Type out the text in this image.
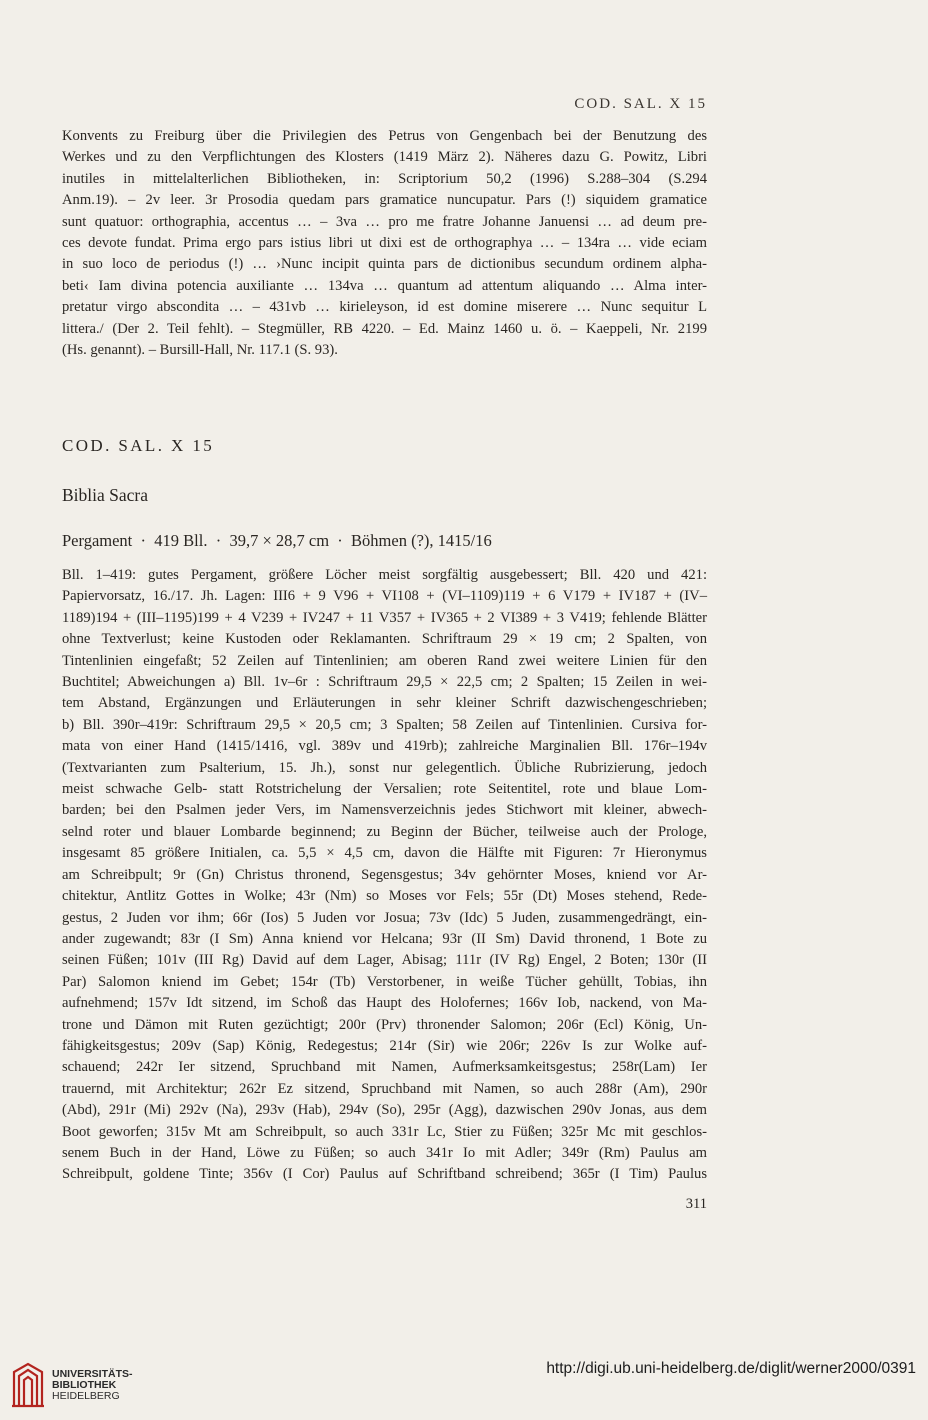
COD. SAL. X 15
Konvents zu Freiburg über die Privilegien des Petrus von Gengenbach bei der Benutzung des
Werkes und zu den Verpflichtungen des Klosters (1419 März 2). Näheres dazu G. Powitz, Libri
inutiles in mittelalterlichen Bibliotheken, in: Scriptorium 50,2 (1996) S.288–304 (S.294
Anm.19). – 2v leer. 3r Prosodia quedam pars gramatice nuncupatur. Pars (!) siquidem gramatice
sunt quatuor: orthographia, accentus … – 3va … pro me fratre Johanne Januensi … ad deum pre-
ces devote fundat. Prima ergo pars istius libri ut dixi est de orthographya … – 134ra … vide eciam
in suo loco de periodus (!) … ›Nunc incipit quinta pars de dictionibus secundum ordinem alpha-
beti‹ Iam divina potencia auxiliante … 134va … quantum ad attentum aliquando … Alma inter-
pretatur virgo abscondita … – 431vb … kirieleyson, id est domine miserere … Nunc sequitur L
littera./ (Der 2. Teil fehlt). – Stegmüller, RB 4220. – Ed. Mainz 1460 u. ö. – Kaeppeli, Nr. 2199
(Hs. genannt). – Bursill-Hall, Nr. 117.1 (S. 93).
COD. SAL. X 15
Biblia Sacra
Pergament · 419 Bll. · 39,7 × 28,7 cm · Böhmen (?), 1415/16
Bll. 1–419: gutes Pergament, größere Löcher meist sorgfältig ausgebessert; Bll. 420 und 421:
Papiervorsatz, 16./17. Jh. Lagen: III6 + 9 V96 + VI108 + (VI–1109)119 + 6 V179 + IV187 + (IV–
1189)194 + (III–1195)199 + 4 V239 + IV247 + 11 V357 + IV365 + 2 VI389 + 3 V419; fehlende Blätter
ohne Textverlust; keine Kustoden oder Reklamanten. Schriftraum 29 × 19 cm; 2 Spalten, von
Tintenlinien eingefaßt; 52 Zeilen auf Tintenlinien; am oberen Rand zwei weitere Linien für den
Buchtitel; Abweichungen a) Bll. 1v–6r : Schriftraum 29,5 × 22,5 cm; 2 Spalten; 15 Zeilen in wei-
tem Abstand, Ergänzungen und Erläuterungen in sehr kleiner Schrift dazwischengeschrieben;
b) Bll. 390r–419r: Schriftraum 29,5 × 20,5 cm; 3 Spalten; 58 Zeilen auf Tintenlinien. Cursiva for-
mata von einer Hand (1415/1416, vgl. 389v und 419rb); zahlreiche Marginalien Bll. 176r–194v
(Textvarianten zum Psalterium, 15. Jh.), sonst nur gelegentlich. Übliche Rubrizierung, jedoch
meist schwache Gelb- statt Rotstrichelung der Versalien; rote Seitentitel, rote und blaue Lom-
barden; bei den Psalmen jeder Vers, im Namensverzeichnis jedes Stichwort mit kleiner, abwech-
selnd roter und blauer Lombarde beginnend; zu Beginn der Bücher, teilweise auch der Prologe,
insgesamt 85 größere Initialen, ca. 5,5 × 4,5 cm, davon die Hälfte mit Figuren: 7r Hieronymus
am Schreibpult; 9r (Gn) Christus thronend, Segensgestus; 34v gehörnter Moses, kniend vor Ar-
chitektur, Antlitz Gottes in Wolke; 43r (Nm) so Moses vor Fels; 55r (Dt) Moses stehend, Rede-
gestus, 2 Juden vor ihm; 66r (Ios) 5 Juden vor Josua; 73v (Idc) 5 Juden, zusammengedrängt, ein-
ander zugewandt; 83r (I Sm) Anna kniend vor Helcana; 93r (II Sm) David thronend, 1 Bote zu
seinen Füßen; 101v (III Rg) David auf dem Lager, Abisag; 111r (IV Rg) Engel, 2 Boten; 130r (II
Par) Salomon kniend im Gebet; 154r (Tb) Verstorbener, in weiße Tücher gehüllt, Tobias, ihn
aufnehmend; 157v Idt sitzend, im Schoß das Haupt des Holofernes; 166v Iob, nackend, von Ma-
trone und Dämon mit Ruten gezüchtigt; 200r (Prv) thronender Salomon; 206r (Ecl) König, Un-
fähigkeitsgestus; 209v (Sap) König, Redegestus; 214r (Sir) wie 206r; 226v Is zur Wolke auf-
schauend; 242r Ier sitzend, Spruchband mit Namen, Aufmerksamkeitsgestus; 258r(Lam) Ier
trauernd, mit Architektur; 262r Ez sitzend, Spruchband mit Namen, so auch 288r (Am), 290r
(Abd), 291r (Mi) 292v (Na), 293v (Hab), 294v (So), 295r (Agg), dazwischen 290v Jonas, aus dem
Boot geworfen; 315v Mt am Schreibpult, so auch 331r Lc, Stier zu Füßen; 325r Mc mit geschlos-
senem Buch in der Hand, Löwe zu Füßen; so auch 341r Io mit Adler; 349r (Rm) Paulus am
Schreibpult, goldene Tinte; 356v (I Cor) Paulus auf Schriftband schreibend; 365r (I Tim) Paulus
311
UNIVERSITÄTS-
BIBLIOTHEK
HEIDELBERG
http://digi.ub.uni-heidelberg.de/diglit/werner2000/0391
